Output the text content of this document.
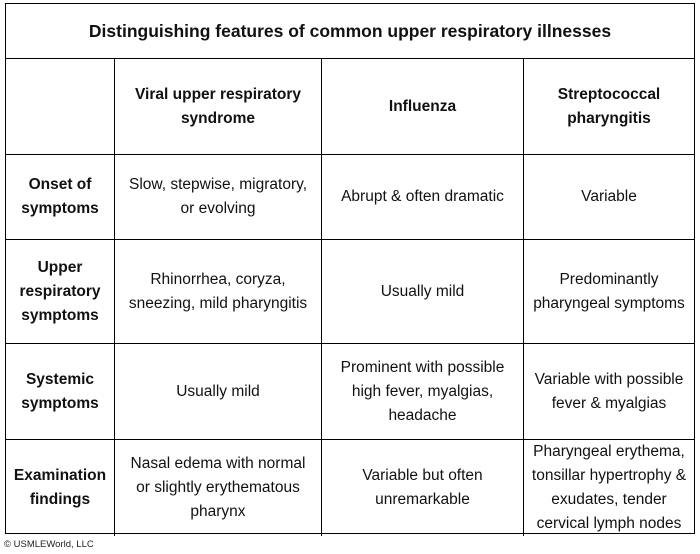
Distinguishing features of common upper respiratory illnesses
Viral upper respiratory
syndrome
Influenza
Streptococcal
pharyngitis
Onset of
symptoms
Slow, stepwise, migratory,
or evolving
Abrupt & often dramatic	Variable
Upper
respiratory
symptoms
Rhinorrhea, coryza,
sneezing, mild pharyngitis
Usually mild
Predominantly
pharyngeal symptoms
Systemic
symptoms
Usually mild
Prominent with possible
high fever, myalgias,
headache
Variable with possible
fever & myalgias
Examination
findings
Nasal edema with normal
or slightly erythematous
pharynx
Variable but often
unremarkable
Pharyngeal erythema,
tonsillar hypertrophy &
exudates, tender
cervical lymph nodes
© USMLEWorld, LLC
